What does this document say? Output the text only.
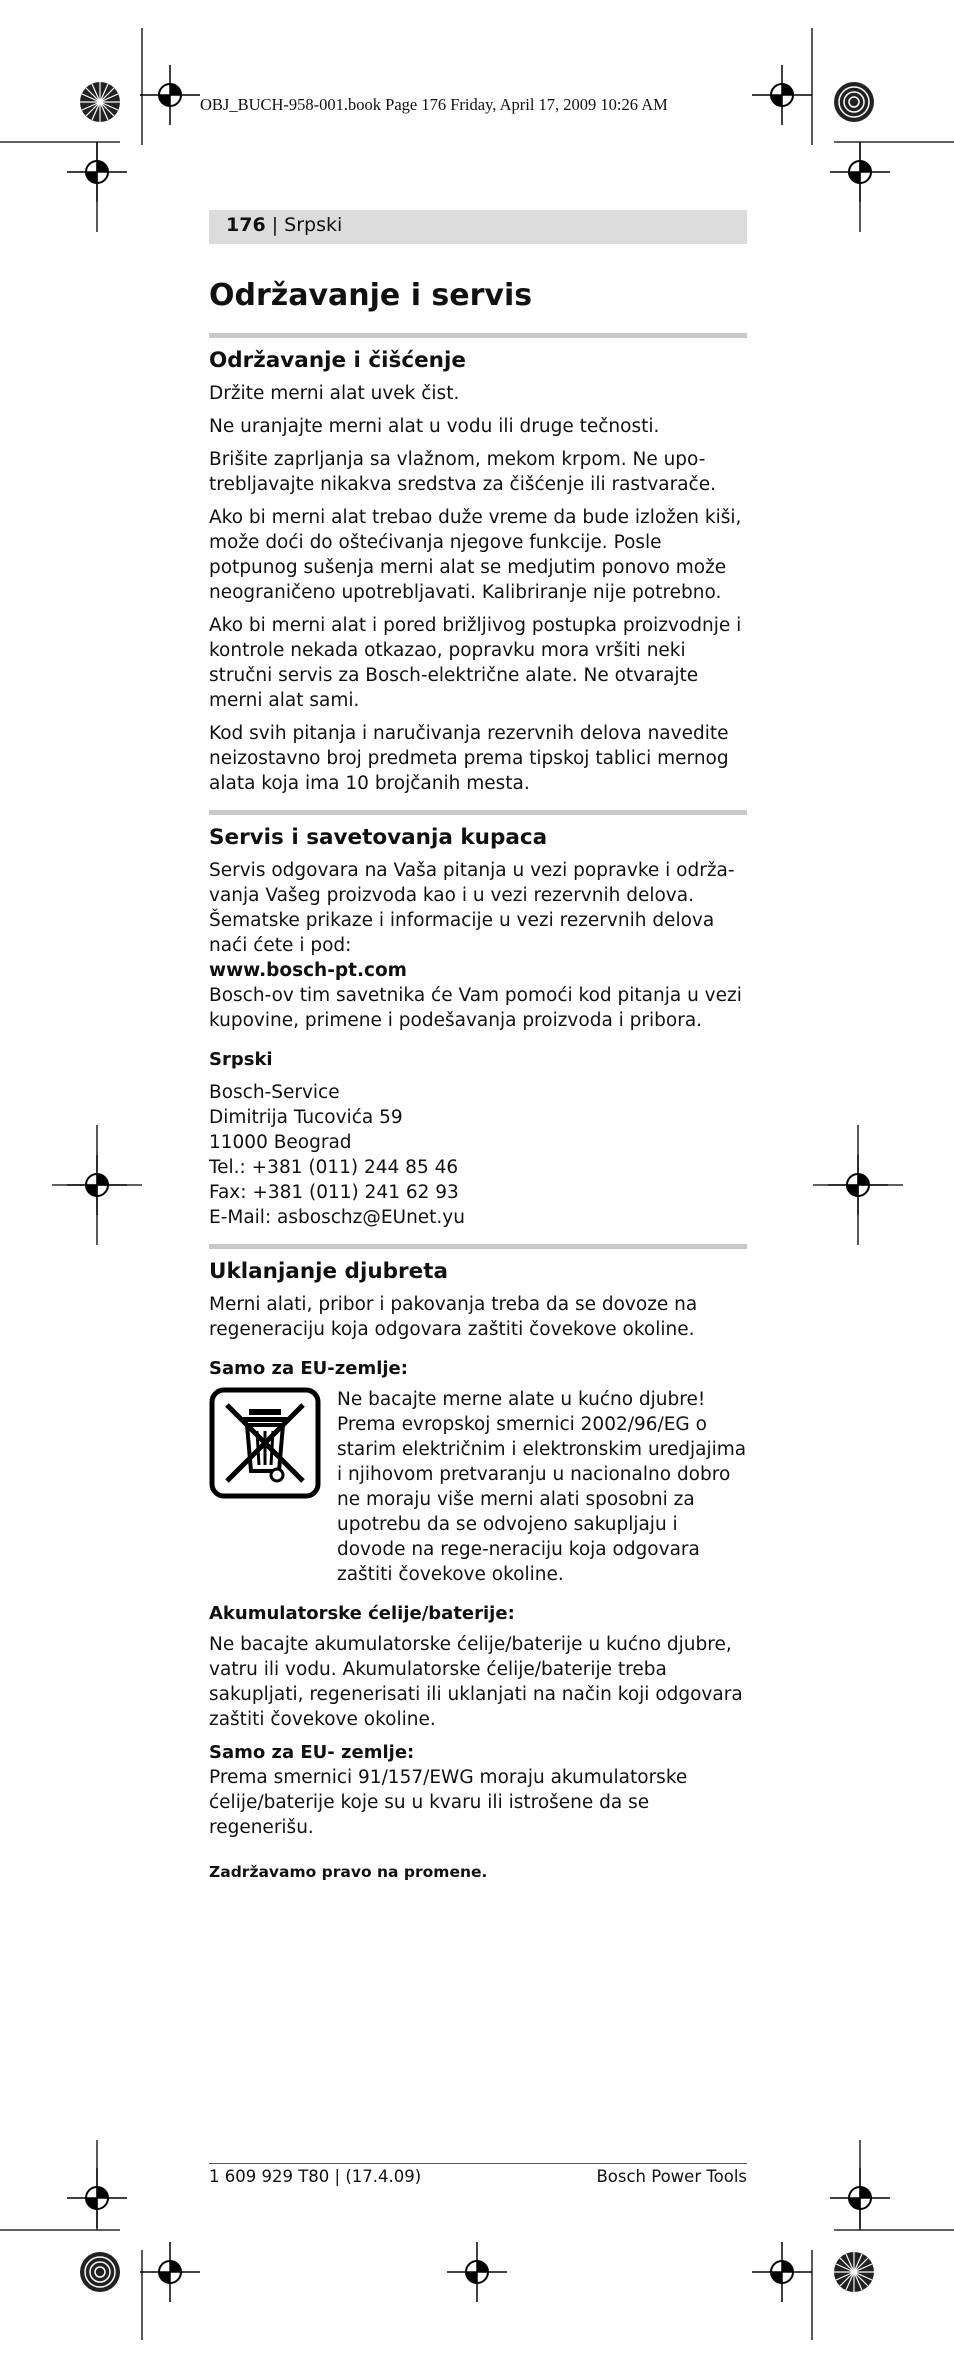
OBJ_BUCH-958-001.book Page 176 Friday, April 17, 2009 10:26 AM
176 | Srpski
Održavanje i servis
Održavanje i čišćenje

Držite merni alat uvek čist.

Ne uranjajte merni alat u vodu ili druge tečnosti.

Brišite zaprljanja sa vlažnom, mekom krpom. Ne upo-trebljavajte nikakva sredstva za čišćenje ili rastvarače.

Ako bi merni alat trebao duže vreme da bude izložen kiši, može doći do oštećivanja njegove funkcije. Posle potpunog sušenja merni alat se medjutim ponovo može neograničeno upotrebljavati. Kalibriranje nije potrebno.

Ako bi merni alat i pored brižljivog postupka proizvodnje i kontrole nekada otkazao, popravku mora vršiti neki stručni servis za Bosch-električne alate. Ne otvarajte merni alat sami.

Kod svih pitanja i naručivanja rezervnih delova navedite neizostavno broj predmeta prema tipskoj tablici mernog alata koja ima 10 brojčanih mesta.

Servis i savetovanja kupaca

Servis odgovara na Vaša pitanja u vezi popravke i održa-vanja Vašeg proizvoda kao i u vezi rezervnih delova. Šematske prikaze i informacije u vezi rezervnih delova naći ćete i pod:

www.bosch-pt.com

Bosch-ov tim savetnika će Vam pomoći kod pitanja u vezi kupovine, primene i podešavanja proizvoda i pribora.

Srpski

Bosch-Service
Dimitrija Tucovića 59
11000 Beograd
Tel.: +381 (011) 244 85 46
Fax: +381 (011) 241 62 93
E-Mail: asboschz@EUnet.yu
Uklanjanje djubreta

Merni alati, pribor i pakovanja treba da se dovoze na regeneraciju koja odgovara zaštiti čovekove okoline.

Samo za EU-zemlje:

Ne bacajte merne alate u kućno djubre! Prema evropskoj smernici 2002/96/EG o starim električnim i elektronskim uredjajima i njihovom pretvaranju u nacionalno dobro ne moraju više merni alati sposobni za upotrebu da se odvojeno sakupljaju i dovode na rege-neraciju koja odgovara zaštiti čovekove okoline.

Akumulatorske ćelije/baterije:

Ne bacajte akumulatorske ćelije/baterije u kućno djubre, vatru ili vodu. Akumulatorske ćelije/baterije treba sakupljati, regenerisati ili uklanjati na način koji odgovara zaštiti čovekove okoline.

Samo za EU- zemlje:

Prema smernici 91/157/EWG moraju akumulatorske ćelije/baterije koje su u kvaru ili istrošene da se regenerišu.

Zadržavamo pravo na promene.

1 609 929 T80 | (17.4.09)	Bosch Power Tools
